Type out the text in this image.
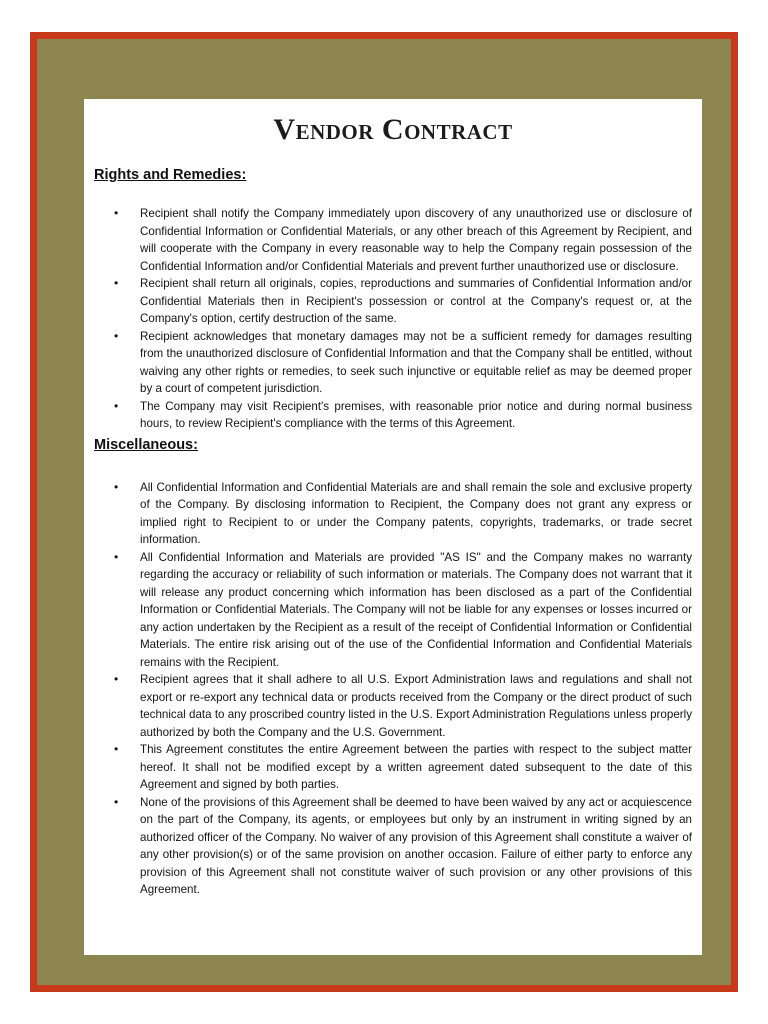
Vendor Contract
Rights and Remedies:
• Recipient shall notify the Company immediately upon discovery of any unauthorized use or disclosure of Confidential Information or Confidential Materials, or any other breach of this Agreement by Recipient, and will cooperate with the Company in every reasonable way to help the Company regain possession of the Confidential Information and/or Confidential Materials and prevent further unauthorized use or disclosure.
• Recipient shall return all originals, copies, reproductions and summaries of Confidential Information and/or Confidential Materials then in Recipient's possession or control at the Company's request or, at the Company's option, certify destruction of the same.
• Recipient acknowledges that monetary damages may not be a sufficient remedy for damages resulting from the unauthorized disclosure of Confidential Information and that the Company shall be entitled, without waiving any other rights or remedies, to seek such injunctive or equitable relief as may be deemed proper by a court of competent jurisdiction.
• The Company may visit Recipient's premises, with reasonable prior notice and during normal business hours, to review Recipient's compliance with the terms of this Agreement.
Miscellaneous:
• All Confidential Information and Confidential Materials are and shall remain the sole and exclusive property of the Company. By disclosing information to Recipient, the Company does not grant any express or implied right to Recipient to or under the Company patents, copyrights, trademarks, or trade secret information.
• All Confidential Information and Materials are provided "AS IS" and the Company makes no warranty regarding the accuracy or reliability of such information or materials. The Company does not warrant that it will release any product concerning which information has been disclosed as a part of the Confidential Information or Confidential Materials. The Company will not be liable for any expenses or losses incurred or any action undertaken by the Recipient as a result of the receipt of Confidential Information or Confidential Materials. The entire risk arising out of the use of the Confidential Information and Confidential Materials remains with the Recipient.
• Recipient agrees that it shall adhere to all U.S. Export Administration laws and regulations and shall not export or re-export any technical data or products received from the Company or the direct product of such technical data to any proscribed country listed in the U.S. Export Administration Regulations unless properly authorized by both the Company and the U.S. Government.
• This Agreement constitutes the entire Agreement between the parties with respect to the subject matter hereof. It shall not be modified except by a written agreement dated subsequent to the date of this Agreement and signed by both parties.
• None of the provisions of this Agreement shall be deemed to have been waived by any act or acquiescence on the part of the Company, its agents, or employees but only by an instrument in writing signed by an authorized officer of the Company. No waiver of any provision of this Agreement shall constitute a waiver of any other provision(s) or of the same provision on another occasion. Failure of either party to enforce any provision of this Agreement shall not constitute waiver of such provision or any other provisions of this Agreement.
